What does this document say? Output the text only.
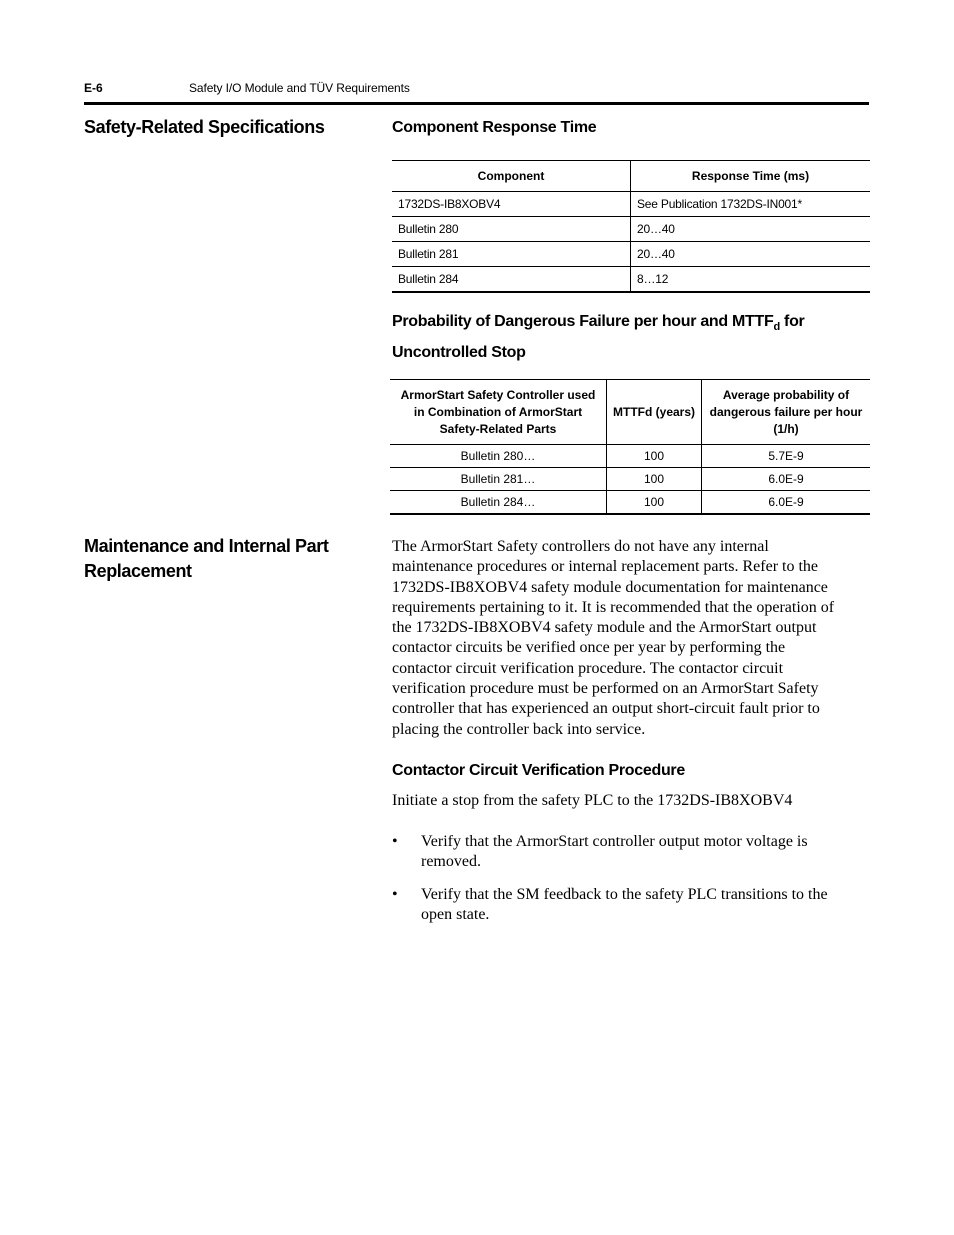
E-6	Safety I/O Module and TÜV Requirements
Safety-Related Specifications	Component Response Time
Component	Response Time (ms)
1732DS-IB8XOBV4	See Publication 1732DS-IN001*
Bulletin 280	20…40
Bulletin 281	20…40
Bulletin 284	8…12
Probability of Dangerous Failure per hour and $MTTF_d$ for
Uncontrolled Stop
ArmorStart Safety Controller used in Combination of ArmorStart Safety-Related Parts	MTTFd (years)	Average probability of dangerous failure per hour (1/h)
Bulletin 280…	100	5.7E-9
Bulletin 281…	100	6.0E-9
Bulletin 284…	100	6.0E-9
Maintenance and Internal Part
Replacement
The ArmorStart Safety controllers do not have any internal
maintenance procedures or internal replacement parts. Refer to the
1732DS-IB8XOBV4 safety module documentation for maintenance
requirements pertaining to it. It is recommended that the operation of
the 1732DS-IB8XOBV4 safety module and the ArmorStart output
contactor circuits be verified once per year by performing the
contactor circuit verification procedure. The contactor circuit
verification procedure must be performed on an ArmorStart Safety
controller that has experienced an output short-circuit fault prior to
placing the controller back into service.
Contactor Circuit Verification Procedure
Initiate a stop from the safety PLC to the 1732DS-IB8XOBV4
• Verify that the ArmorStart controller output motor voltage is
removed.
• Verify that the SM feedback to the safety PLC transitions to the
open state.
